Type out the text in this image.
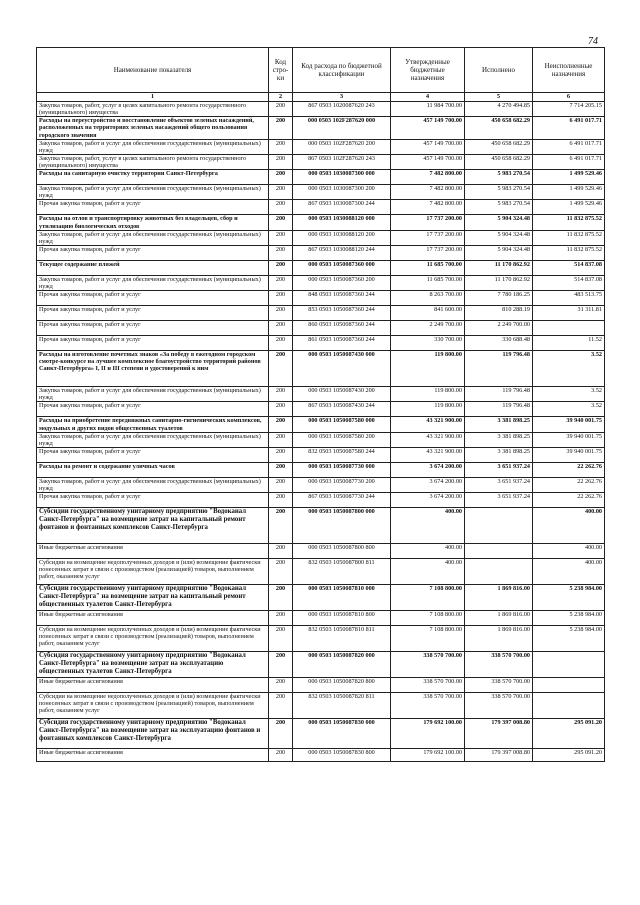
74
Наименование показателя	Код стро-ки	Код расхода по бюджетной классификации	Утвержденные бюджетные назначения	Исполнено	Неисполненные назначения
1	2	3	4	5	6
Закупка товаров, работ, услуг в целях капитального ремонта государственного (муниципального) имущества	200	867 0503 1020087620 243	11 984 700.00	4 270 494.85	7 714 205.15
Расходы на переустройство и восстановление объектов зеленых насаждений, расположенных на территориях зеленых насаждений общего пользования городского значения	200	000 0503 102F287620 000	457 149 700.00	450 658 682.29	6 491 017.71
Закупка товаров, работ и услуг для обеспечения государственных (муниципальных) нужд	200	000 0503 102F287620 200	457 149 700.00	450 658 682.29	6 491 017.71
Закупка товаров, работ, услуг в целях капитального ремонта государственного (муниципального) имущества	200	867 0503 102F287620 243	457 149 700.00	450 658 682.29	6 491 017.71
Расходы на санитарную очистку территории Санкт-Петербурга	200	000 0503 1030087300 000	7 482 800.00	5 983 270.54	1 499 529.46
Закупка товаров, работ и услуг для обеспечения государственных (муниципальных) нужд	200	000 0503 1030087300 200	7 482 800.00	5 983 270.54	1 499 529.46
Прочая закупка товаров, работ и услуг	200	867 0503 1030087300 244	7 482 800.00	5 983 270.54	1 499 529.46
Расходы на отлов и транспортировку животных без владельцев, сбор и утилизацию биологических отходов	200	000 0503 1030088120 000	17 737 200.00	5 904 324.48	11 832 875.52
Закупка товаров, работ и услуг для обеспечения государственных (муниципальных) нужд	200	000 0503 1030088120 200	17 737 200.00	5 904 324.48	11 832 875.52
Прочая закупка товаров, работ и услуг	200	867 0503 1030088120 244	17 737 200.00	5 904 324.48	11 832 875.52
Текущее содержание пляжей	200	000 0503 1050087360 000	11 685 700.00	11 170 862.92	514 837.08
Закупка товаров, работ и услуг для обеспечения государственных (муниципальных) нужд	200	000 0503 1050087360 200	11 685 700.00	11 170 862.92	514 837.08
Прочая закупка товаров, работ и услуг	200	848 0503 1050087360 244	8 263 700.00	7 780 186.25	483 513.75
Прочая закупка товаров, работ и услуг	200	853 0503 1050087360 244	841 600.00	810 288.19	31 311.81
Прочая закупка товаров, работ и услуг	200	860 0503 1050087360 244	2 249 700.00	2 249 700.00	
Прочая закупка товаров, работ и услуг	200	861 0503 1050087360 244	330 700.00	330 688.48	11.52
Расходы на изготовление почетных знаков «За победу в ежегодном городском смотре-конкурсе на лучшее комплексное благоустройство территорий районов Санкт-Петербурга» I, II и III степени и удостоверений к ним	200	000 0503 1050087430 000	119 800.00	119 796.48	3.52
Закупка товаров, работ и услуг для обеспечения государственных (муниципальных) нужд	200	000 0503 1050087430 200	119 800.00	119 796.48	3.52
Прочая закупка товаров, работ и услуг	200	867 0503 1050087430 244	119 800.00	119 796.48	3.52
Расходы на приобретение передвижных санитарно-гигиенических комплексов, модульных и других видов общественных туалетов	200	000 0503 1050087580 000	43 321 900.00	3 381 898.25	39 940 001.75
Закупка товаров, работ и услуг для обеспечения государственных (муниципальных) нужд	200	000 0503 1050087580 200	43 321 900.00	3 381 898.25	39 940 001.75
Прочая закупка товаров, работ и услуг	200	832 0503 1050087580 244	43 321 900.00	3 381 898.25	39 940 001.75
Расходы на ремонт и содержание уличных часов	200	000 0503 1050087730 000	3 674 200.00	3 651 937.24	22 262.76
Закупка товаров, работ и услуг для обеспечения государственных (муниципальных) нужд	200	000 0503 1050087730 200	3 674 200.00	3 651 937.24	22 262.76
Прочая закупка товаров, работ и услуг	200	867 0503 1050087730 244	3 674 200.00	3 651 937.24	22 262.76
Субсидии государственному унитарному предприятию "Водоканал Санкт-Петербурга" на возмещение затрат на капитальный ремонт фонтанов и фонтанных комплексов Санкт-Петербурга	200	000 0503 1050087800 000	400.00		400.00
Иные бюджетные ассигнования	200	000 0503 1050087800 800	400.00		400.00
Субсидии на возмещение недополученных доходов и (или) возмещение фактически понесенных затрат в связи с производством (реализацией) товаров, выполнением работ, оказанием услуг	200	832 0503 1050087800 811	400.00		400.00
Субсидии государственному унитарному предприятию "Водоканал Санкт-Петербурга" на возмещение затрат на капитальный ремонт общественных туалетов Санкт-Петербурга	200	000 0503 1050087810 000	7 108 800.00	1 869 816.00	5 238 984.00
Иные бюджетные ассигнования	200	000 0503 1050087810 800	7 108 800.00	1 869 816.00	5 238 984.00
Субсидии на возмещение недополученных доходов и (или) возмещение фактически понесенных затрат в связи с производством (реализацией) товаров, выполнением работ, оказанием услуг	200	832 0503 1050087810 811	7 108 800.00	1 869 816.00	5 238 984.00
Субсидия государственному унитарному предприятию "Водоканал Санкт-Петербурга" на возмещение затрат на эксплуатацию общественных туалетов Санкт-Петербурга	200	000 0503 1050087820 000	338 570 700.00	338 570 700.00	
Иные бюджетные ассигнования	200	000 0503 1050087820 800	338 570 700.00	338 570 700.00	
Субсидии на возмещение недополученных доходов и (или) возмещение фактически понесенных затрат в связи с производством (реализацией) товаров, выполнением работ, оказанием услуг	200	832 0503 1050087820 811	338 570 700.00	338 570 700.00	
Субсидия государственному унитарному предприятию "Водоканал Санкт-Петербурга" на возмещение затрат на эксплуатацию фонтанов и фонтанных комплексов Санкт-Петербурга	200	000 0503 1050087830 000	179 692 100.00	179 397 008.80	295 091.20
Иные бюджетные ассигнования	200	000 0503 1050087830 800	179 692 100.00	179 397 008.80	295 091.20
